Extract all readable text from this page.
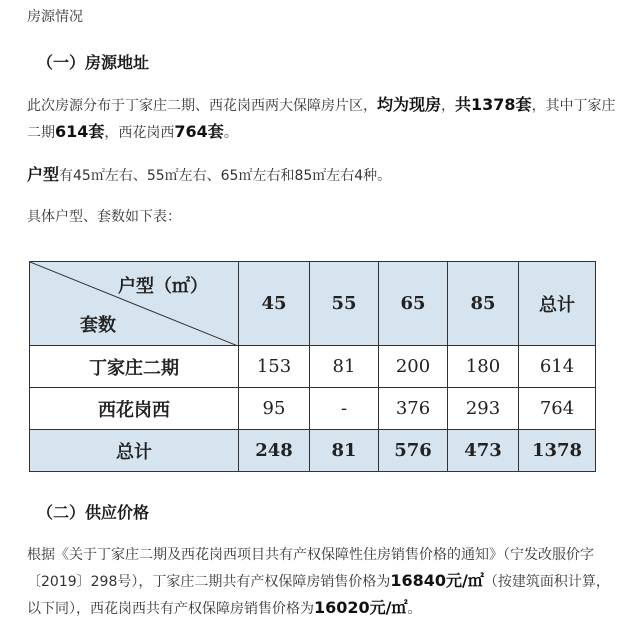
房源情况
（一）房源地址
此次房源分布于丁家庄二期、西花岗西两大保障房片区，均为现房，共1378套，其中丁家庄二期614套，西花岗西764套。
户型有45㎡左右、55㎡左右、65㎡左右和85㎡左右4种。
具体户型、套数如下表：
户型（㎡）
套数	45	55	65	85	总计
丁家庄二期	153	81	200	180	614
西花岗西	95	-	376	293	764
总计	248	81	576	473	1378
（二）供应价格
根据《关于丁家庄二期及西花岗西项目共有产权保障性住房销售价格的通知》（宁发改服价字〔2019〕298号），丁家庄二期共有产权保障房销售价格为16840元/㎡（按建筑面积计算，以下同），西花岗西共有产权保障房销售价格为16020元/㎡。
